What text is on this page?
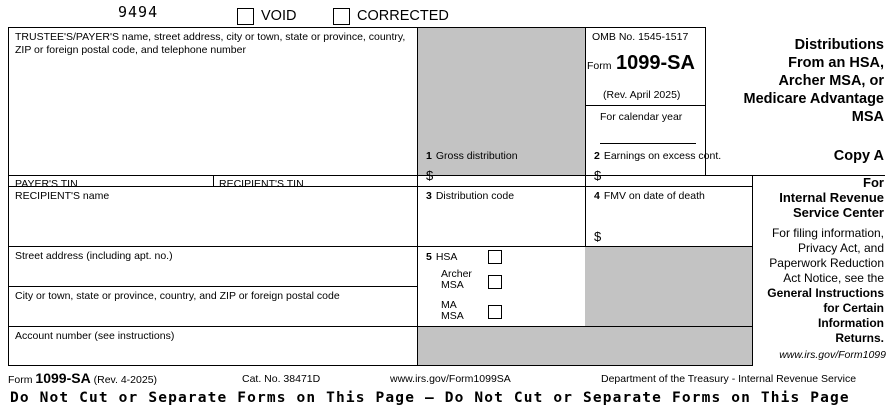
9494	VOID	CORRECTED
TRUSTEE'S/PAYER'S name, street address, city or town, state or province, country, ZIP or foreign postal code, and telephone number
OMB No. 1545-1517
Form 1099-SA
(Rev. April 2025)
For calendar year
Distributions
From an HSA,
Archer MSA, or
Medicare Advantage
MSA
PAYER'S TIN	RECIPIENT'S TIN
RECIPIENT'S name
Street address (including apt. no.)
City or town, state or province, country, and ZIP or foreign postal code
Account number (see instructions)
1 Gross distribution
$
2 Earnings on excess cont.
$
3 Distribution code	4 FMV on date of death
$
5 HSA
Archer
MSA
MA
MSA
Copy A
For
Internal Revenue
Service Center
For filing information,
Privacy Act, and
Paperwork Reduction
Act Notice, see the
General Instructions
for Certain
Information
Returns.
www.irs.gov/Form1099
Form 1099-SA (Rev. 4-2025)	Cat. No. 38471D	www.irs.gov/Form1099SA	Department of the Treasury - Internal Revenue Service
Do Not Cut or Separate Forms on This Page — Do Not Cut or Separate Forms on This Page
